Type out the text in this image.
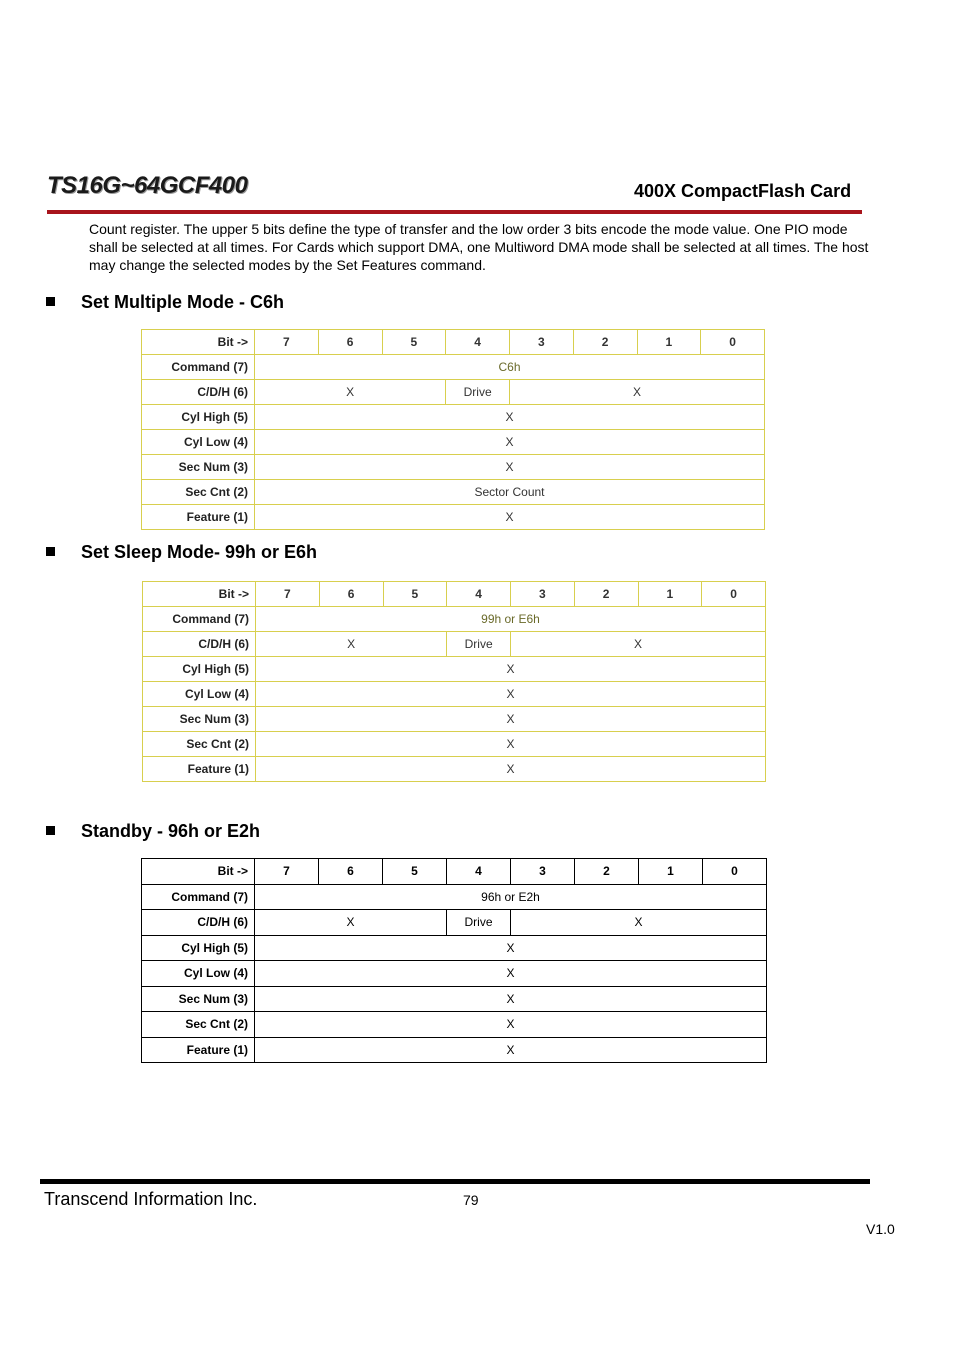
TS16G~64GCF400	400X CompactFlash Card
Count register. The upper 5 bits define the type of transfer and the low order 3 bits encode the mode value. One PIO mode shall be selected at all times. For Cards which support DMA, one Multiword DMA mode shall be selected at all times. The host may change the selected modes by the Set Features command.
Set Multiple Mode - C6h
Bit ->	7	6	5	4	3	2	1	0
Command (7)	C6h							
C/D/H (6)	X			Drive	X			
Cyl High (5)	X							
Cyl Low (4)	X							
Sec Num (3)	X							
Sec Cnt (2)	Sector Count							
Feature (1)	X							
Set Sleep Mode- 99h or E6h
Bit ->	7	6	5	4	3	2	1	0
Command (7)	99h or E6h							
C/D/H (6)	X			Drive	X			
Cyl High (5)	X							
Cyl Low (4)	X							
Sec Num (3)	X							
Sec Cnt (2)	X							
Feature (1)	X							
Standby - 96h or E2h
Bit ->	7	6	5	4	3	2	1	0
Command (7)	96h or E2h							
C/D/H (6)	X			Drive	X			
Cyl High (5)	X							
Cyl Low (4)	X							
Sec Num (3)	X							
Sec Cnt (2)	X							
Feature (1)	X							
Transcend Information Inc.	79
V1.0
